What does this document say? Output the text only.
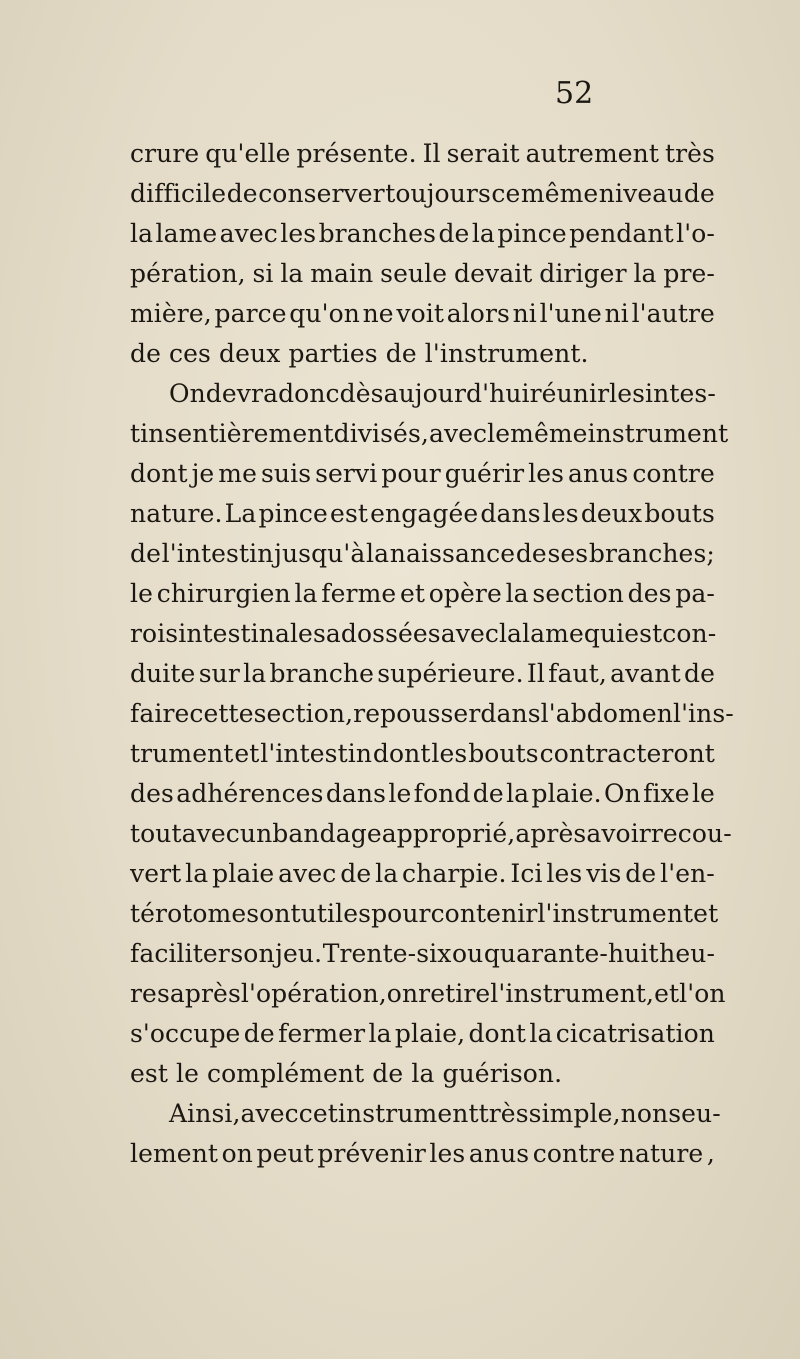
52
crure qu'elle présente. Il serait autrement très
difficile de conserver toujours ce même niveau de
la lame avec les branches de la pince pendant l'o-
pération, si la main seule devait diriger la pre-
mière, parce qu'on ne voit alors ni l'une ni l'autre
de ces deux parties de l'instrument.
On devra donc dès aujourd'hui réunir les intes-
tins entièrement divisés, avec le même instrument
dont je me suis servi pour guérir les anus contre
nature. La pince est engagée dans les deux bouts
de l'intestin jusqu'à la naissance de ses branches;
le chirurgien la ferme et opère la section des pa-
rois intestinales adossées avec la lame qui est con-
duite sur la branche supérieure. Il faut, avant de
faire cette section, repousser dans l'abdomen l'ins-
trument et l'intestin dont les bouts contracteront
des adhérences dans le fond de la plaie. On fixe le
tout avec un bandage approprié, après avoir recou-
vert la plaie avec de la charpie. Ici les vis de l'en-
térotome sont utiles pour contenir l'instrument et
faciliter son jeu. Trente-six ou quarante-huit heu-
res après l'opération, on retire l'instrument, et l'on
s'occupe de fermer la plaie, dont la cicatrisation
est le complément de la guérison.
Ainsi, avec cet instrument très simple, non seu-
lement on peut prévenir les anus contre nature ,
